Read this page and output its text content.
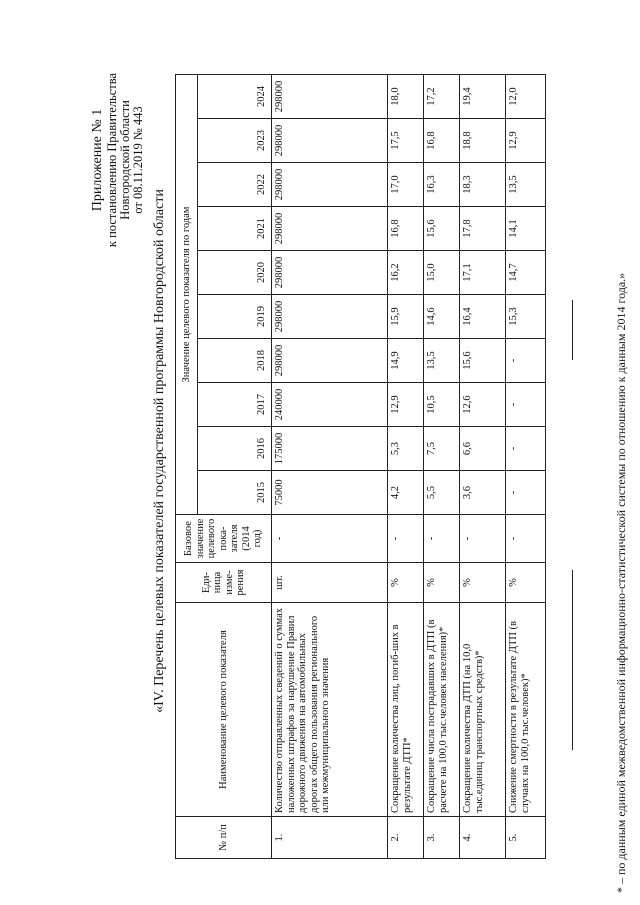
Приложение № 1 к постановлению Правительства Новгородской области от 08.11.2019 № 443
«IV. Перечень целевых показателей государственной программы Новгородской области
№ п/п	Наименование целевого показателя	Еди-ница изме-рения	Базовое значение целевого пока-зателя (2014 год)	Значение целевого показателя по годам									
				2015	2016	2017	2018	2019	2020	2021	2022	2023	2024
1.	Количество отправленных сведений о суммах наложенных штрафов за нарушение Правил дорожного движения на автомобильных дорогах общего пользования регионального или межмуниципального значения	шт.	-	75000	175000	240000	298000	298000	298000	298000	298000	298000	298000
2.	Сокращение количества лиц, погиб-ших в результате ДТП*	%	-	4,2	5,3	12,9	14,9	15,9	16,2	16,8	17,0	17,5	18,0
3.	Сокращение числа пострадавших в ДТП (в расчете на 100,0 тыс.человек населения)*	%	-	5,5	7,5	10,5	13,5	14,6	15,0	15,6	16,3	16,8	17,2
4.	Сокращение количества ДТП (на 10,0 тыс.единиц транспортных средств)*	%	-	3,6	6,6	12,6	15,6	16,4	17,1	17,8	18,3	18,8	19,4
5.	Снижение смертности в результате ДТП (в случаях на 100,0 тыс.человек)*	%	-	-	-	-	-	15,3	14,7	14,1	13,5	12,9	12,0
* – по данным единой межведомственной информационно-статистической системы по отношению к данным 2014 года.»
